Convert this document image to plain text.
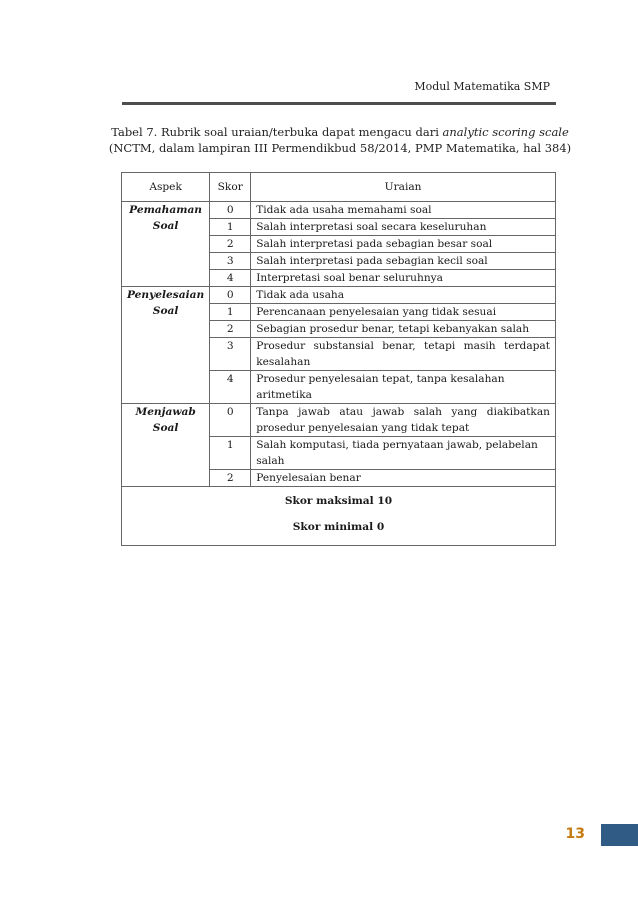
Modul Matematika SMP
Tabel 7. Rubrik soal uraian/terbuka dapat mengacu dari analytic scoring scale
(NCTM, dalam lampiran III Permendikbud 58/2014, PMP Matematika, hal 384)
Aspek	Skor	Uraian
Pemahaman Soal	0	Tidak ada usaha memahami soal
	1	Salah interpretasi soal secara keseluruhan
	2	Salah interpretasi pada sebagian besar soal
	3	Salah interpretasi pada sebagian kecil soal
	4	Interpretasi soal benar seluruhnya
Penyelesaian Soal	0	Tidak ada usaha
	1	Perencanaan penyelesaian yang tidak sesuai
	2	Sebagian prosedur benar, tetapi kebanyakan salah
	3	Prosedur substansial benar, tetapi masih terdapat kesalahan
	4	Prosedur penyelesaian tepat, tanpa kesalahan aritmetika
Menjawab Soal	0	Tanpa jawab atau jawab salah yang diakibatkan prosedur penyelesaian yang tidak tepat
	1	Salah komputasi, tiada pernyataan jawab, pelabelan salah
	2	Penyelesaian benar

Skor maksimal 10
Skor minimal 0		
13
